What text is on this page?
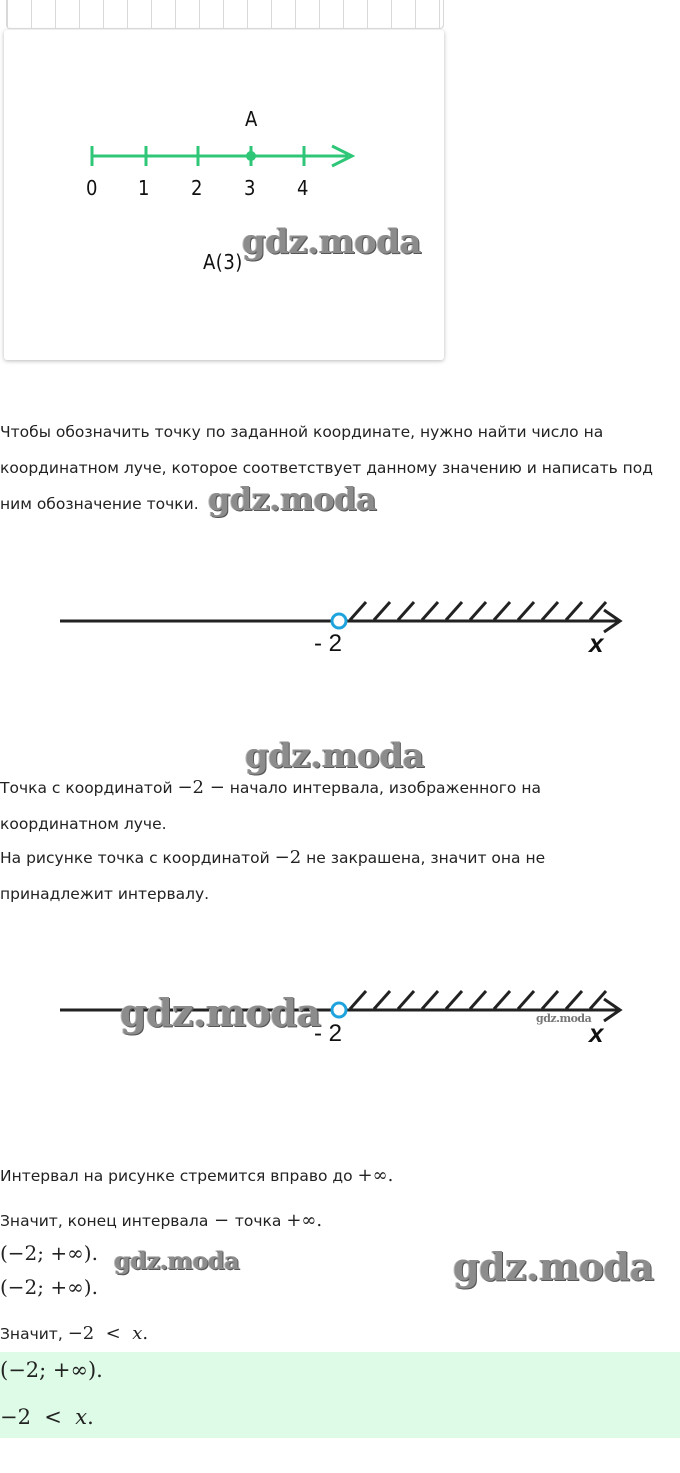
A
0 1 2 3 4
A(3) gdz.moda
Чтобы обозначить точку по заданной координате, нужно найти число на
координатном луче, которое соответствует данному значению и написать под
ним обозначение точки. gdz.moda
- 2	x
gdz.moda
Точка с координатой −2 − начало интервала, изображенного на
координатном луче.
На рисунке точка с координатой −2 не закрашена, значит она не
принадлежит интервалу.
- 2	x
gdz.moda	gdz.moda
Интервал на рисунке стремится вправо до +∞.
Значит, конец интервала − точка +∞.
(−2; +∞).
(−2; +∞).
gdz.moda	gdz.moda
Значит, −2  <  x.
(−2; +∞).
−2  <  x.
